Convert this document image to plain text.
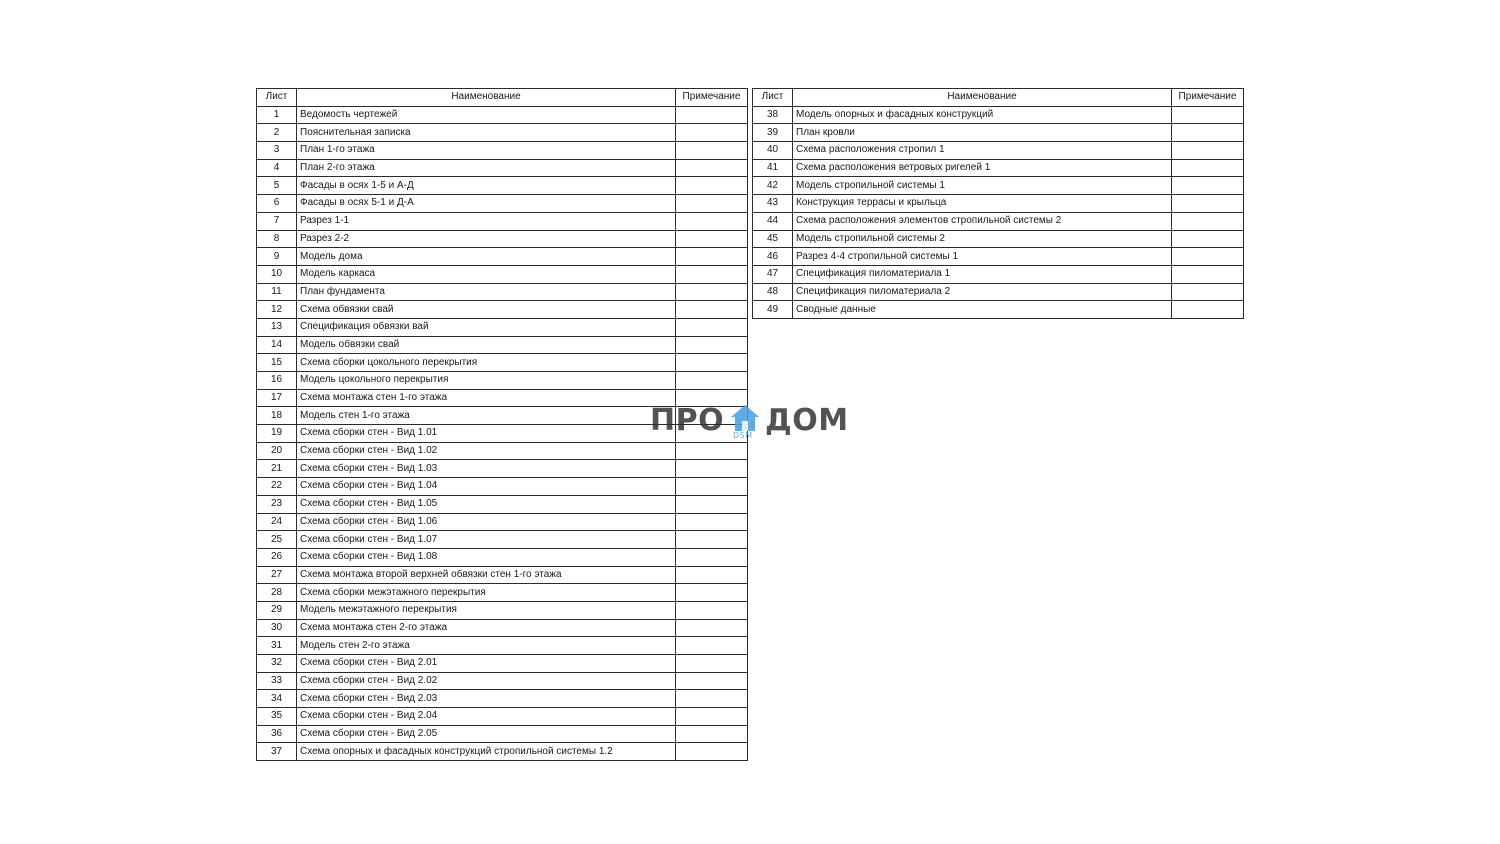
Лист	Наименование	Примечание
1	Ведомость чертежей	
2	Пояснительная записка	
3	План 1-го этажа	
4	План 2-го этажа	
5	Фасады в осях 1-5 и А-Д	
6	Фасады в осях 5-1 и Д-А	
7	Разрез 1-1	
8	Разрез 2-2	
9	Модель дома	
10	Модель каркаса	
11	План фундамента	
12	Схема обвязки свай	
13	Спецификация обвязки вай	
14	Модель обвязки свай	
15	Схема сборки цокольного перекрытия	
16	Модель цокольного перекрытия	
17	Схема монтажа стен 1-го этажа	
18	Модель стен 1-го этажа	
19	Схема сборки стен - Вид 1.01	
20	Схема сборки стен - Вид 1.02	
21	Схема сборки стен - Вид 1.03	
22	Схема сборки стен - Вид 1.04	
23	Схема сборки стен - Вид 1.05	
24	Схема сборки стен - Вид 1.06	
25	Схема сборки стен - Вид 1.07	
26	Схема сборки стен - Вид 1.08	
27	Схема монтажа второй верхней обвязки стен 1-го этажа	
28	Схема сборки межэтажного перекрытия	
29	Модель межэтажного перекрытия	
30	Схема монтажа стен 2-го этажа	
31	Модель стен 2-го этажа	
32	Схема сборки стен - Вид 2.01	
33	Схема сборки стен - Вид 2.02	
34	Схема сборки стен - Вид 2.03	
35	Схема сборки стен - Вид 2.04	
36	Схема сборки стен - Вид 2.05	
37	Схема опорных и фасадных конструкций стропильной системы 1.2	
Лист	Наименование	Примечание
38	Модель опорных и фасадных конструкций	
39	План кровли	
40	Схема расположения стропил 1	
41	Схема расположения ветровых ригелей 1	
42	Модель стропильной системы 1	
43	Конструкция террасы и крыльца	
44	Схема расположения элементов стропильной системы 2	
45	Модель стропильной системы 2	
46	Разрез 4-4 стропильной системы 1	
47	Спецификация пиломатериала 1	
48	Спецификация пиломатериала 2	
49	Сводные данные	
ПРО DSM ДОМ
